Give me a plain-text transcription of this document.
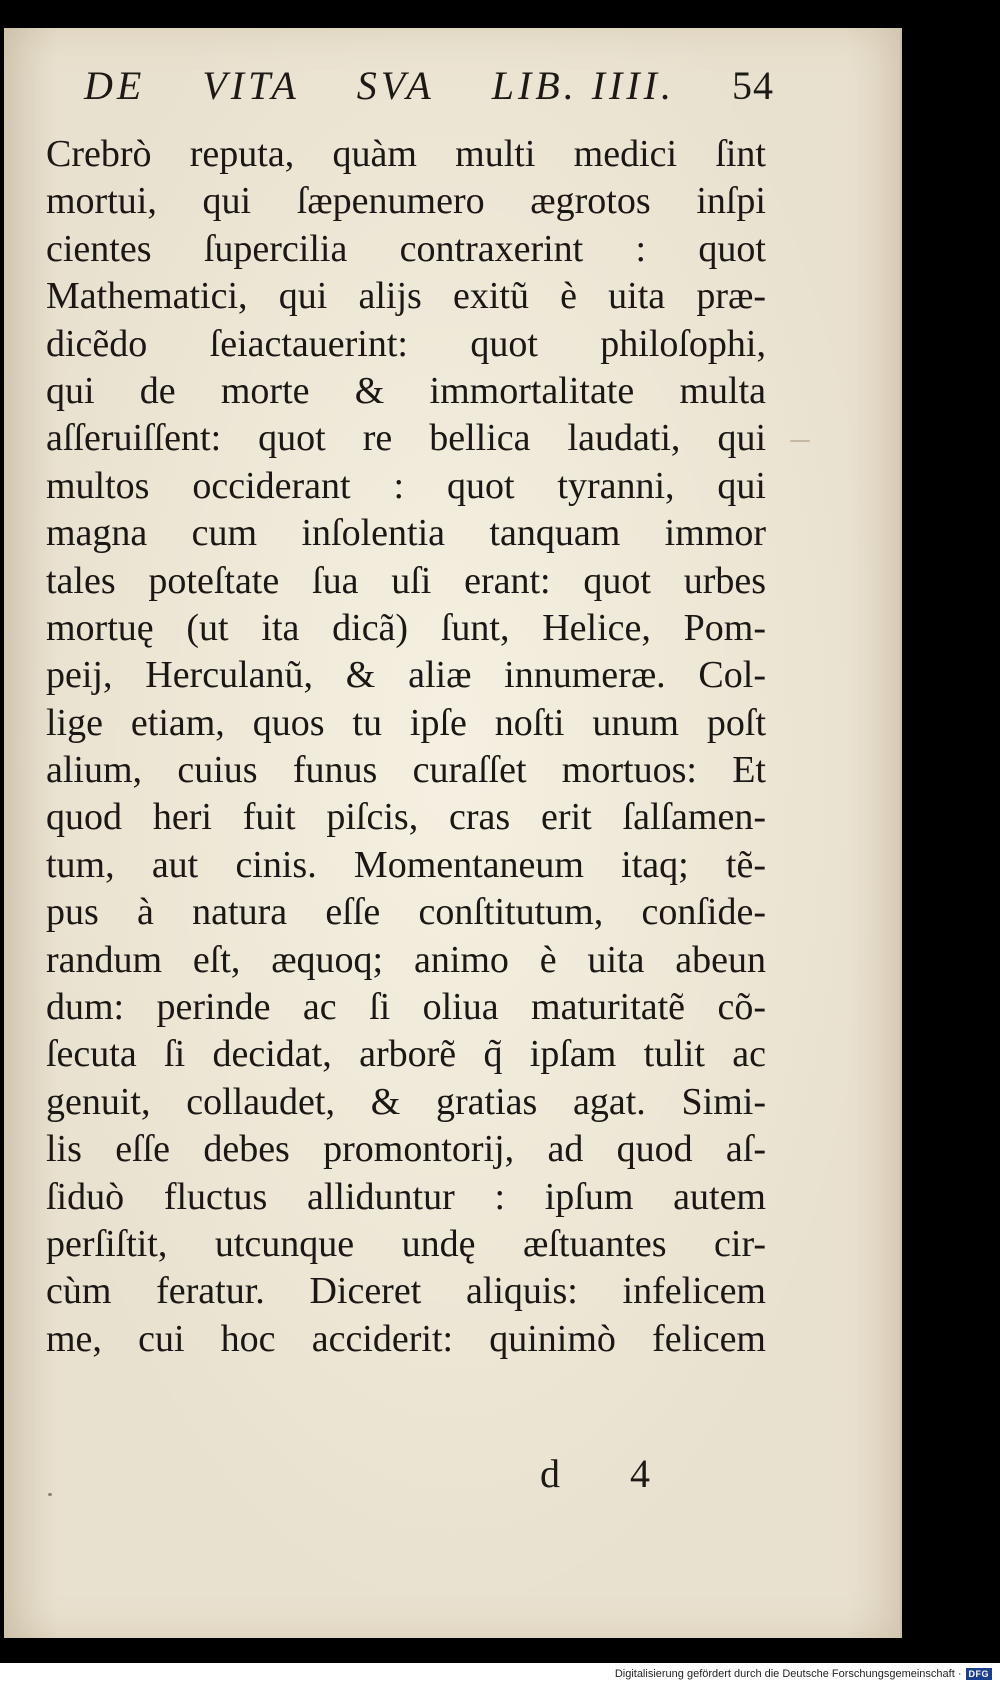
DE VITA SVA LIB. IIII. 54
Crebrò reputa, quàm multi medici ſint
mortui, qui ſæpenumero ægrotos inſpi
cientes ſupercilia contraxerint : quot
Mathematici, qui alijs exitũ è uita præ-
dicẽdo ſeiactauerint: quot philoſophi,
qui de morte & immortalitate multa
aſſeruiſſent: quot re bellica laudati, qui
multos occiderant : quot tyranni, qui
magna cum inſolentia tanquam immor
tales poteſtate ſua uſi erant: quot urbes
mortuę (ut ita dicã) ſunt, Helice, Pom-
peij, Herculanũ, & aliæ innumeræ. Col-
lige etiam, quos tu ipſe noſti unum poſt
alium, cuius funus curaſſet mortuos: Et
quod heri fuit piſcis, cras erit ſalſamen-
tum, aut cinis. Momentaneum itaq; tẽ-
pus à natura eſſe conſtitutum, conſide-
randum eſt, æquoq; animo è uita abeun
dum: perinde ac ſi oliua maturitatẽ cõ-
ſecuta ſi decidat, arborẽ q̃ ipſam tulit ac
genuit, collaudet, & gratias agat. Simi-
lis eſſe debes promontorij, ad quod aſ-
ſiduò fluctus alliduntur : ipſum autem
perſiſtit, utcunque undę æſtuantes cir-
cùm feratur. Diceret aliquis: infelicem
me, cui hoc acciderit: quinimò felicem
d 4
Digitalisierung gefördert durch die Deutsche Forschungsgemeinschaft · DFG
